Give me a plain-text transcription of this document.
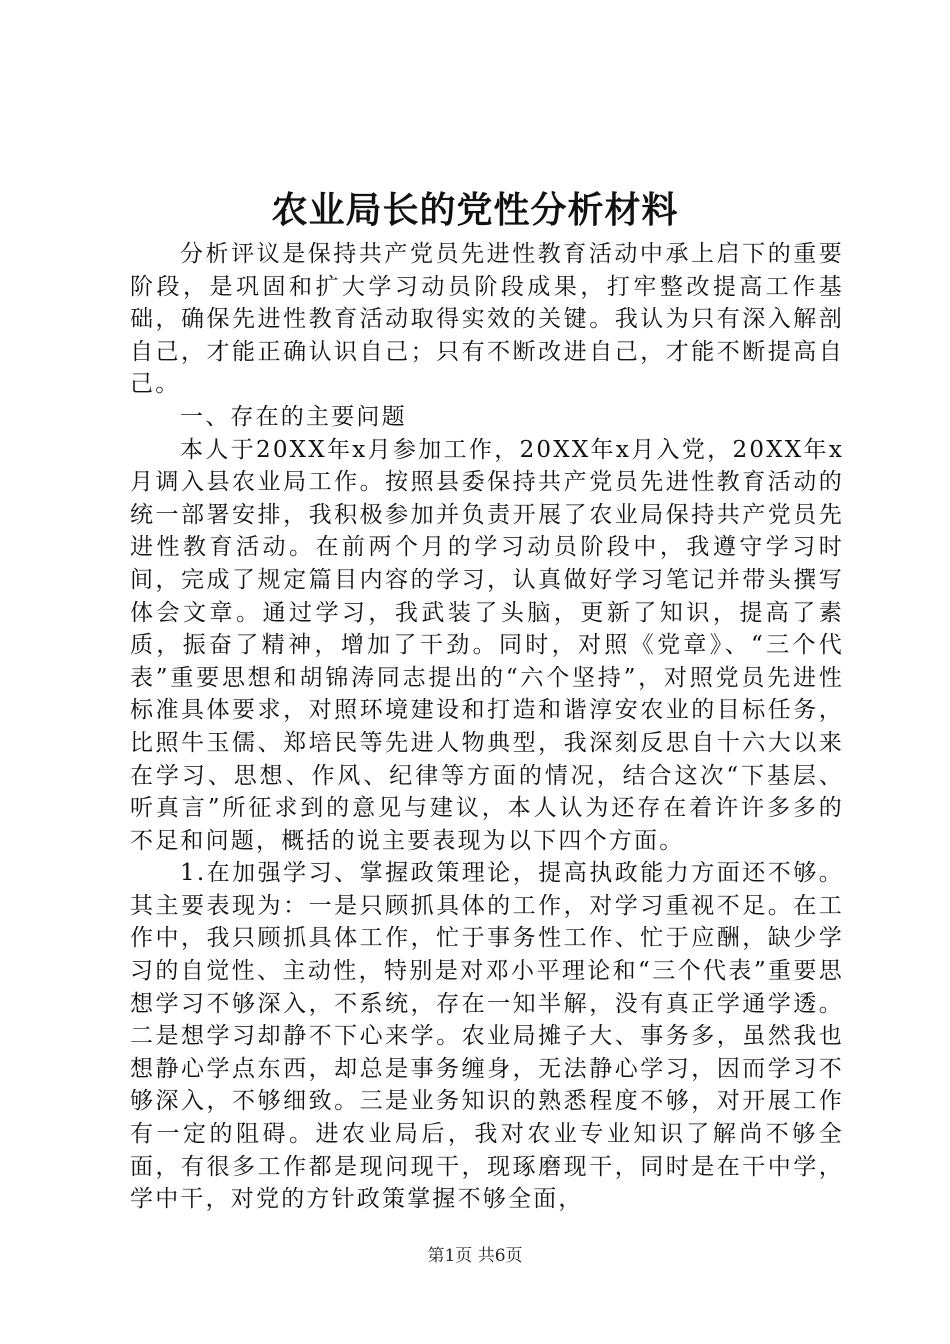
农业局长的党性分析材料

分析评议是保持共产党员先进性教育活动中承上启下的重要阶段，是巩固和扩大学习动员阶段成果，打牢整改提高工作基础，确保先进性教育活动取得实效的关键。我认为只有深入解剖自己，才能正确认识自己；只有不断改进自己，才能不断提高自己。

一、存在的主要问题

本人于20XX年x月参加工作，20XX年x月入党，20XX年x月调入县农业局工作。按照县委保持共产党员先进性教育活动的统一部署安排，我积极参加并负责开展了农业局保持共产党员先进性教育活动。在前两个月的学习动员阶段中，我遵守学习时间，完成了规定篇目内容的学习，认真做好学习笔记并带头撰写体会文章。通过学习，我武装了头脑，更新了知识，提高了素质，振奋了精神，增加了干劲。同时，对照《党章》、“三个代表”重要思想和胡锦涛同志提出的“六个坚持”，对照党员先进性标准具体要求，对照环境建设和打造和谐淳安农业的目标任务，比照牛玉儒、郑培民等先进人物典型，我深刻反思自十六大以来在学习、思想、作风、纪律等方面的情况，结合这次“下基层、听真言”所征求到的意见与建议，本人认为还存在着许许多多的不足和问题，概括的说主要表现为以下四个方面。

1.在加强学习、掌握政策理论，提高执政能力方面还不够。其主要表现为：一是只顾抓具体的工作，对学习重视不足。在工作中，我只顾抓具体工作，忙于事务性工作、忙于应酬，缺少学习的自觉性、主动性，特别是对邓小平理论和“三个代表”重要思想学习不够深入，不系统，存在一知半解，没有真正学通学透。二是想学习却静不下心来学。农业局摊子大、事务多，虽然我也想静心学点东西，却总是事务缠身，无法静心学习，因而学习不够深入，不够细致。三是业务知识的熟悉程度不够，对开展工作有一定的阻碍。进农业局后，我对农业专业知识了解尚不够全面，有很多工作都是现问现干，现琢磨现干，同时是在干中学，学中干，对党的方针政策掌握不够全面，

第1页 共6页
